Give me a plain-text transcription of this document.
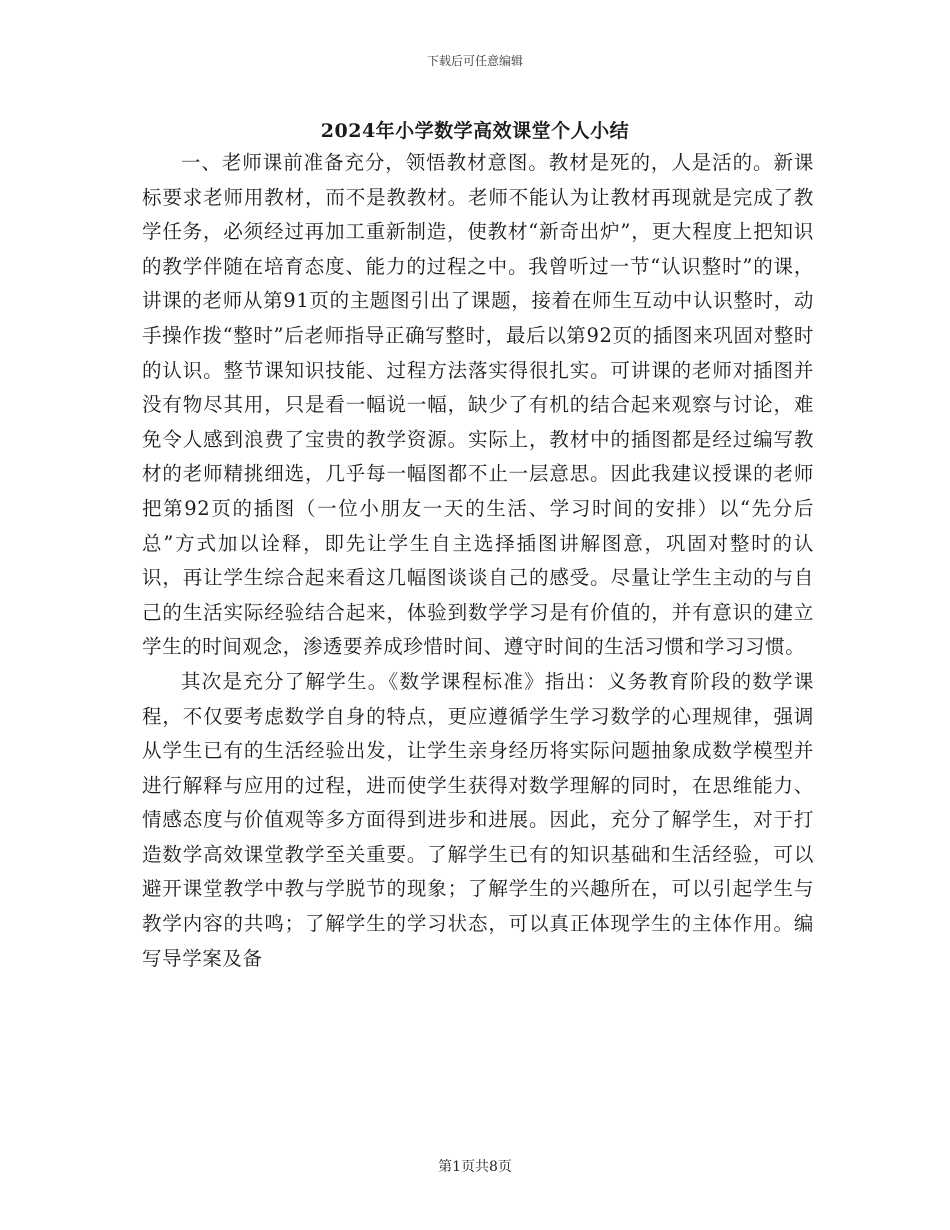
下载后可任意编辑
2024年小学数学高效课堂个人小结

一、老师课前准备充分，领悟教材意图。教材是死的，人是活的。新课标要求老师用教材，而不是教教材。老师不能认为让教材再现就是完成了教学任务，必须经过再加工重新制造，使教材“新奇出炉”，更大程度上把知识的教学伴随在培育态度、能力的过程之中。我曾听过一节“认识整时”的课，讲课的老师从第91页的主题图引出了课题，接着在师生互动中认识整时，动手操作拨“整时”后老师指导正确写整时，最后以第92页的插图来巩固对整时的认识。整节课知识技能、过程方法落实得很扎实。可讲课的老师对插图并没有物尽其用，只是看一幅说一幅，缺少了有机的结合起来观察与讨论，难免令人感到浪费了宝贵的教学资源。实际上，教材中的插图都是经过编写教材的老师精挑细选，几乎每一幅图都不止一层意思。因此我建议授课的老师把第92页的插图（一位小朋友一天的生活、学习时间的安排）以“先分后总”方式加以诠释，即先让学生自主选择插图讲解图意，巩固对整时的认识，再让学生综合起来看这几幅图谈谈自己的感受。尽量让学生主动的与自己的生活实际经验结合起来，体验到数学学习是有价值的，并有意识的建立学生的时间观念，渗透要养成珍惜时间、遵守时间的生活习惯和学习习惯。

其次是充分了解学生。《数学课程标准》指出：义务教育阶段的数学课程，不仅要考虑数学自身的特点，更应遵循学生学习数学的心理规律，强调从学生已有的生活经验出发，让学生亲身经历将实际问题抽象成数学模型并进行解释与应用的过程，进而使学生获得对数学理解的同时，在思维能力、情感态度与价值观等多方面得到进步和进展。因此，充分了解学生，对于打造数学高效课堂教学至关重要。了解学生已有的知识基础和生活经验，可以避开课堂教学中教与学脱节的现象；了解学生的兴趣所在，可以引起学生与教学内容的共鸣；了解学生的学习状态，可以真正体现学生的主体作用。编写导学案及备

第1页共8页
